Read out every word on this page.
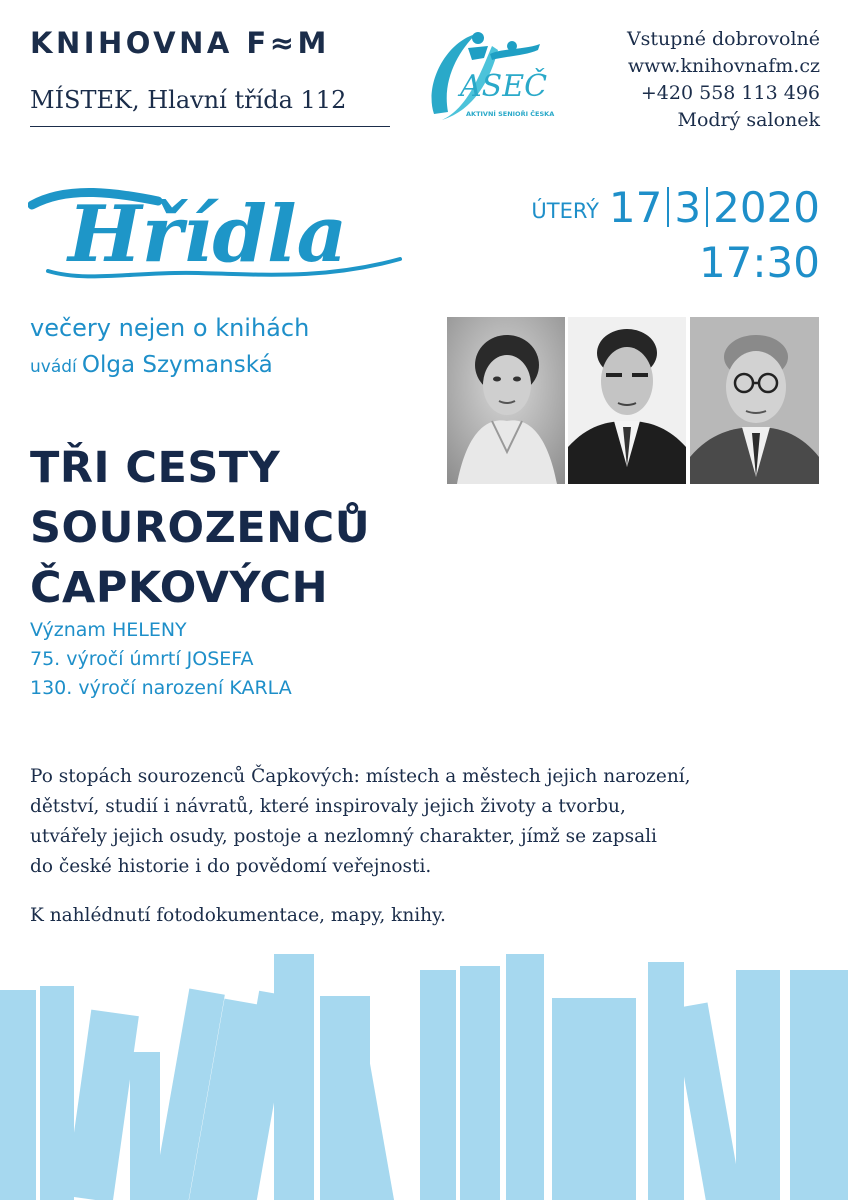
KNIHOVNA F≈M
MÍSTEK, Hlavní třída 112	ASEČ
AKTIVNÍ SENIOŘI ČESKA
Vstupné dobrovolné
www.knihovnafm.cz
+420 558 113 496
Modrý salonek
Hřídla	ÚTERÝ 17 3 2020
17:30
večery nejen o knihách
uvádí Olga Szymanská
TŘI CESTY
SOUROZENCŮ
ČAPKOVÝCH
Význam HELENY
75. výročí úmrtí JOSEFA
130. výročí narození KARLA
Po stopách sourozenců Čapkových: místech a městech jejich narození,
dětství, studií i návratů, které inspirovaly jejich životy a tvorbu,
utvářely jejich osudy, postoje a nezlomný charakter, jímž se zapsali
do české historie i do povědomí veřejnosti.
K nahlédnutí fotodokumentace, mapy, knihy.
